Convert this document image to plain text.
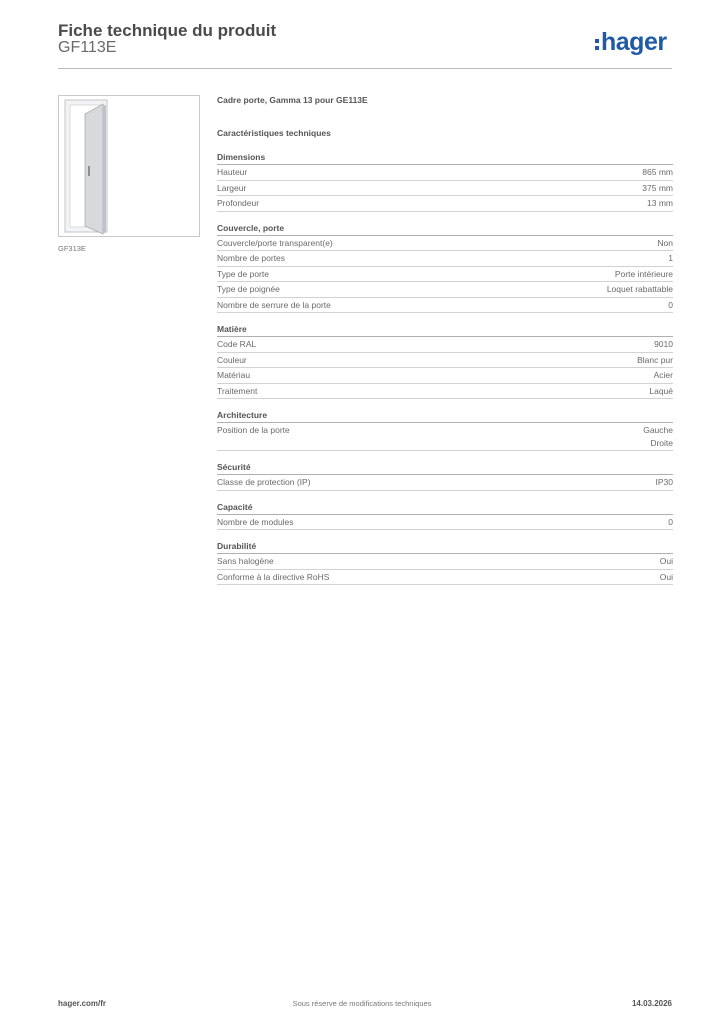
Fiche technique du produit
GF113E	hager
GF313E
Cadre porte, Gamma 13 pour GE113E
Caractéristiques techniques
Dimensions
Hauteur	865 mm
Largeur	375 mm
Profondeur	13 mm
Couvercle, porte
Couvercle/porte transparent(e)	Non
Nombre de portes	1
Type de porte	Porte intérieure
Type de poignée	Loquet rabattable
Nombre de serrure de la porte	0
Matière
Code RAL	9010
Couleur	Blanc pur
Matériau	Acier
Traitement	Laqué
Architecture
Position de la porte	Gauche
Droite
Sécurité
Classe de protection (IP)	IP30
Capacité
Nombre de modules	0
Durabilité
Sans halogène	Oui
Conforme à la directive RoHS	Oui
hager.com/fr	Sous réserve de modifications techniques	14.03.2026
